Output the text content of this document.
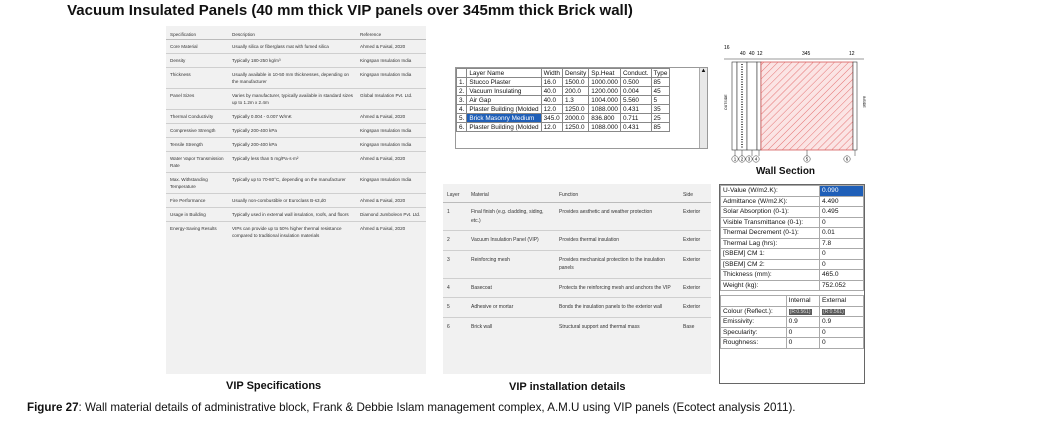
Vacuum Insulated Panels (40 mm thick VIP panels over 345mm thick Brick wall)
Specification	Description	Reference
Core Material	Usually silica or fiberglass mat with fumed silica	Ahmed & Faisal, 2020
Density	Typically 180-250 kg/m³	Kingspan Insulation India
Thickness	Usually available in 10-50 mm thicknesses, depending on the manufacturer	Kingspan Insulation India
Panel Sizes	Varies by manufacturer, typically available in standard sizes up to 1.2m x 2.4m	Global Insulation Pvt. Ltd.
Thermal Conductivity	Typically 0.004 - 0.007 W/mK	Ahmed & Faisal, 2020
Compressive Strength	Typically 200-400 kPa	Kingspan Insulation India
Tensile Strength	Typically 200-400 kPa	Kingspan Insulation India
Water Vapor Transmission Rate	Typically less than 5 mg/Pa·s·m²	Ahmed & Faisal, 2020
Max. Withstanding Temperature	Typically up to 70-80°C, depending on the manufacturer	Kingspan Insulation India
Fire Performance	Usually non-combustible or Euroclass B-s3,d0	Ahmed & Faisal, 2020
Usage in Building	Typically used in external wall insulation, roofs, and floors	Diamond Jumboleon Pvt. Ltd.
Energy-Saving Results	VIPs can provide up to 50% higher thermal resistance compared to traditional insulation materials	Ahmed & Faisal, 2020
	Layer Name	Width	Density	Sp.Heat	Conduct.	Type
1.	Stucco Plaster	16.0	1500.0	1000.000	0.500	85
2.	Vacuum Insulating	40.0	200.0	1200.000	0.004	45
3.	Air Gap	40.0	1.3	1004.000	5.560	5
4.	Plaster Building (Molded	12.0	1250.0	1088.000	0.431	35
5.	Brick Masonry Medium	345.0	2000.0	836.800	0.711	25
6.	Plaster Building (Molded	12.0	1250.0	1088.000	0.431	85
▲
16
40 40 12	345	12
OUTSIDE	INSIDE
1 2 3 4	5	6
Wall Section
Layer	Material	Function	Side
1	Final finish (e.g. cladding, siding, etc.)	Provides aesthetic and weather protection	Exterior
2	Vacuum Insulation Panel (VIP)	Provides thermal insulation	Exterior
3	Reinforcing mesh	Provides mechanical protection to the insulation panels	Exterior
4	Basecoat	Protects the reinforcing mesh and anchors the VIP	Exterior
5	Adhesive or mortar	Bonds the insulation panels to the exterior wall	Exterior
6	Brick wall	Structural support and thermal mass	Base
U-Value (W/m2.K):		0.090
Admittance (W/m2.K):		4.490
Solar Absorption (0-1):		0.495
Visible Transmittance (0-1):		0
Thermal Decrement (0-1):		0.01
Thermal Lag (hrs):		7.8
[SBEM] CM 1:		0
[SBEM] CM 2:		0
Thickness (mm):		465.0
Weight (kg):		752.052

	Internal	External
Colour (Reflect.):	(R:0.561)	(R:0.561)
Emissivity:	0.9	0.9
Specularity:	0	0
Roughness:	0	0
VIP Specifications	VIP installation details
Figure 27: Wall material details of administrative block, Frank & Debbie Islam management complex, A.M.U using VIP panels (Ecotect analysis 2011).
